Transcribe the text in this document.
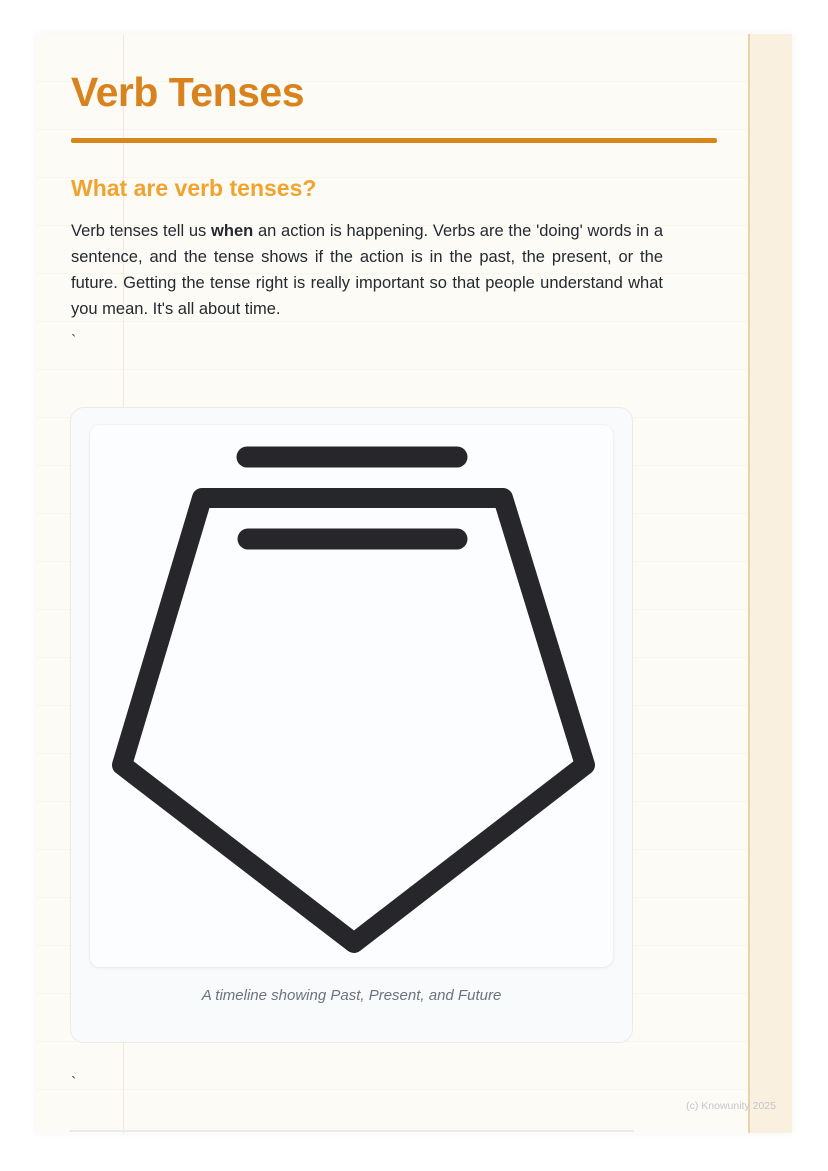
Verb Tenses
What are verb tenses?

Verb tenses tell us when an action is happening. Verbs are the 'doing' words in a sentence, and the tense shows if the action is in the past, the present, or the future. Getting the tense right is really important so that people understand what you mean. It's all about time.

`
A timeline showing Past, Present, and Future
`
(c) Knowunity 2025
